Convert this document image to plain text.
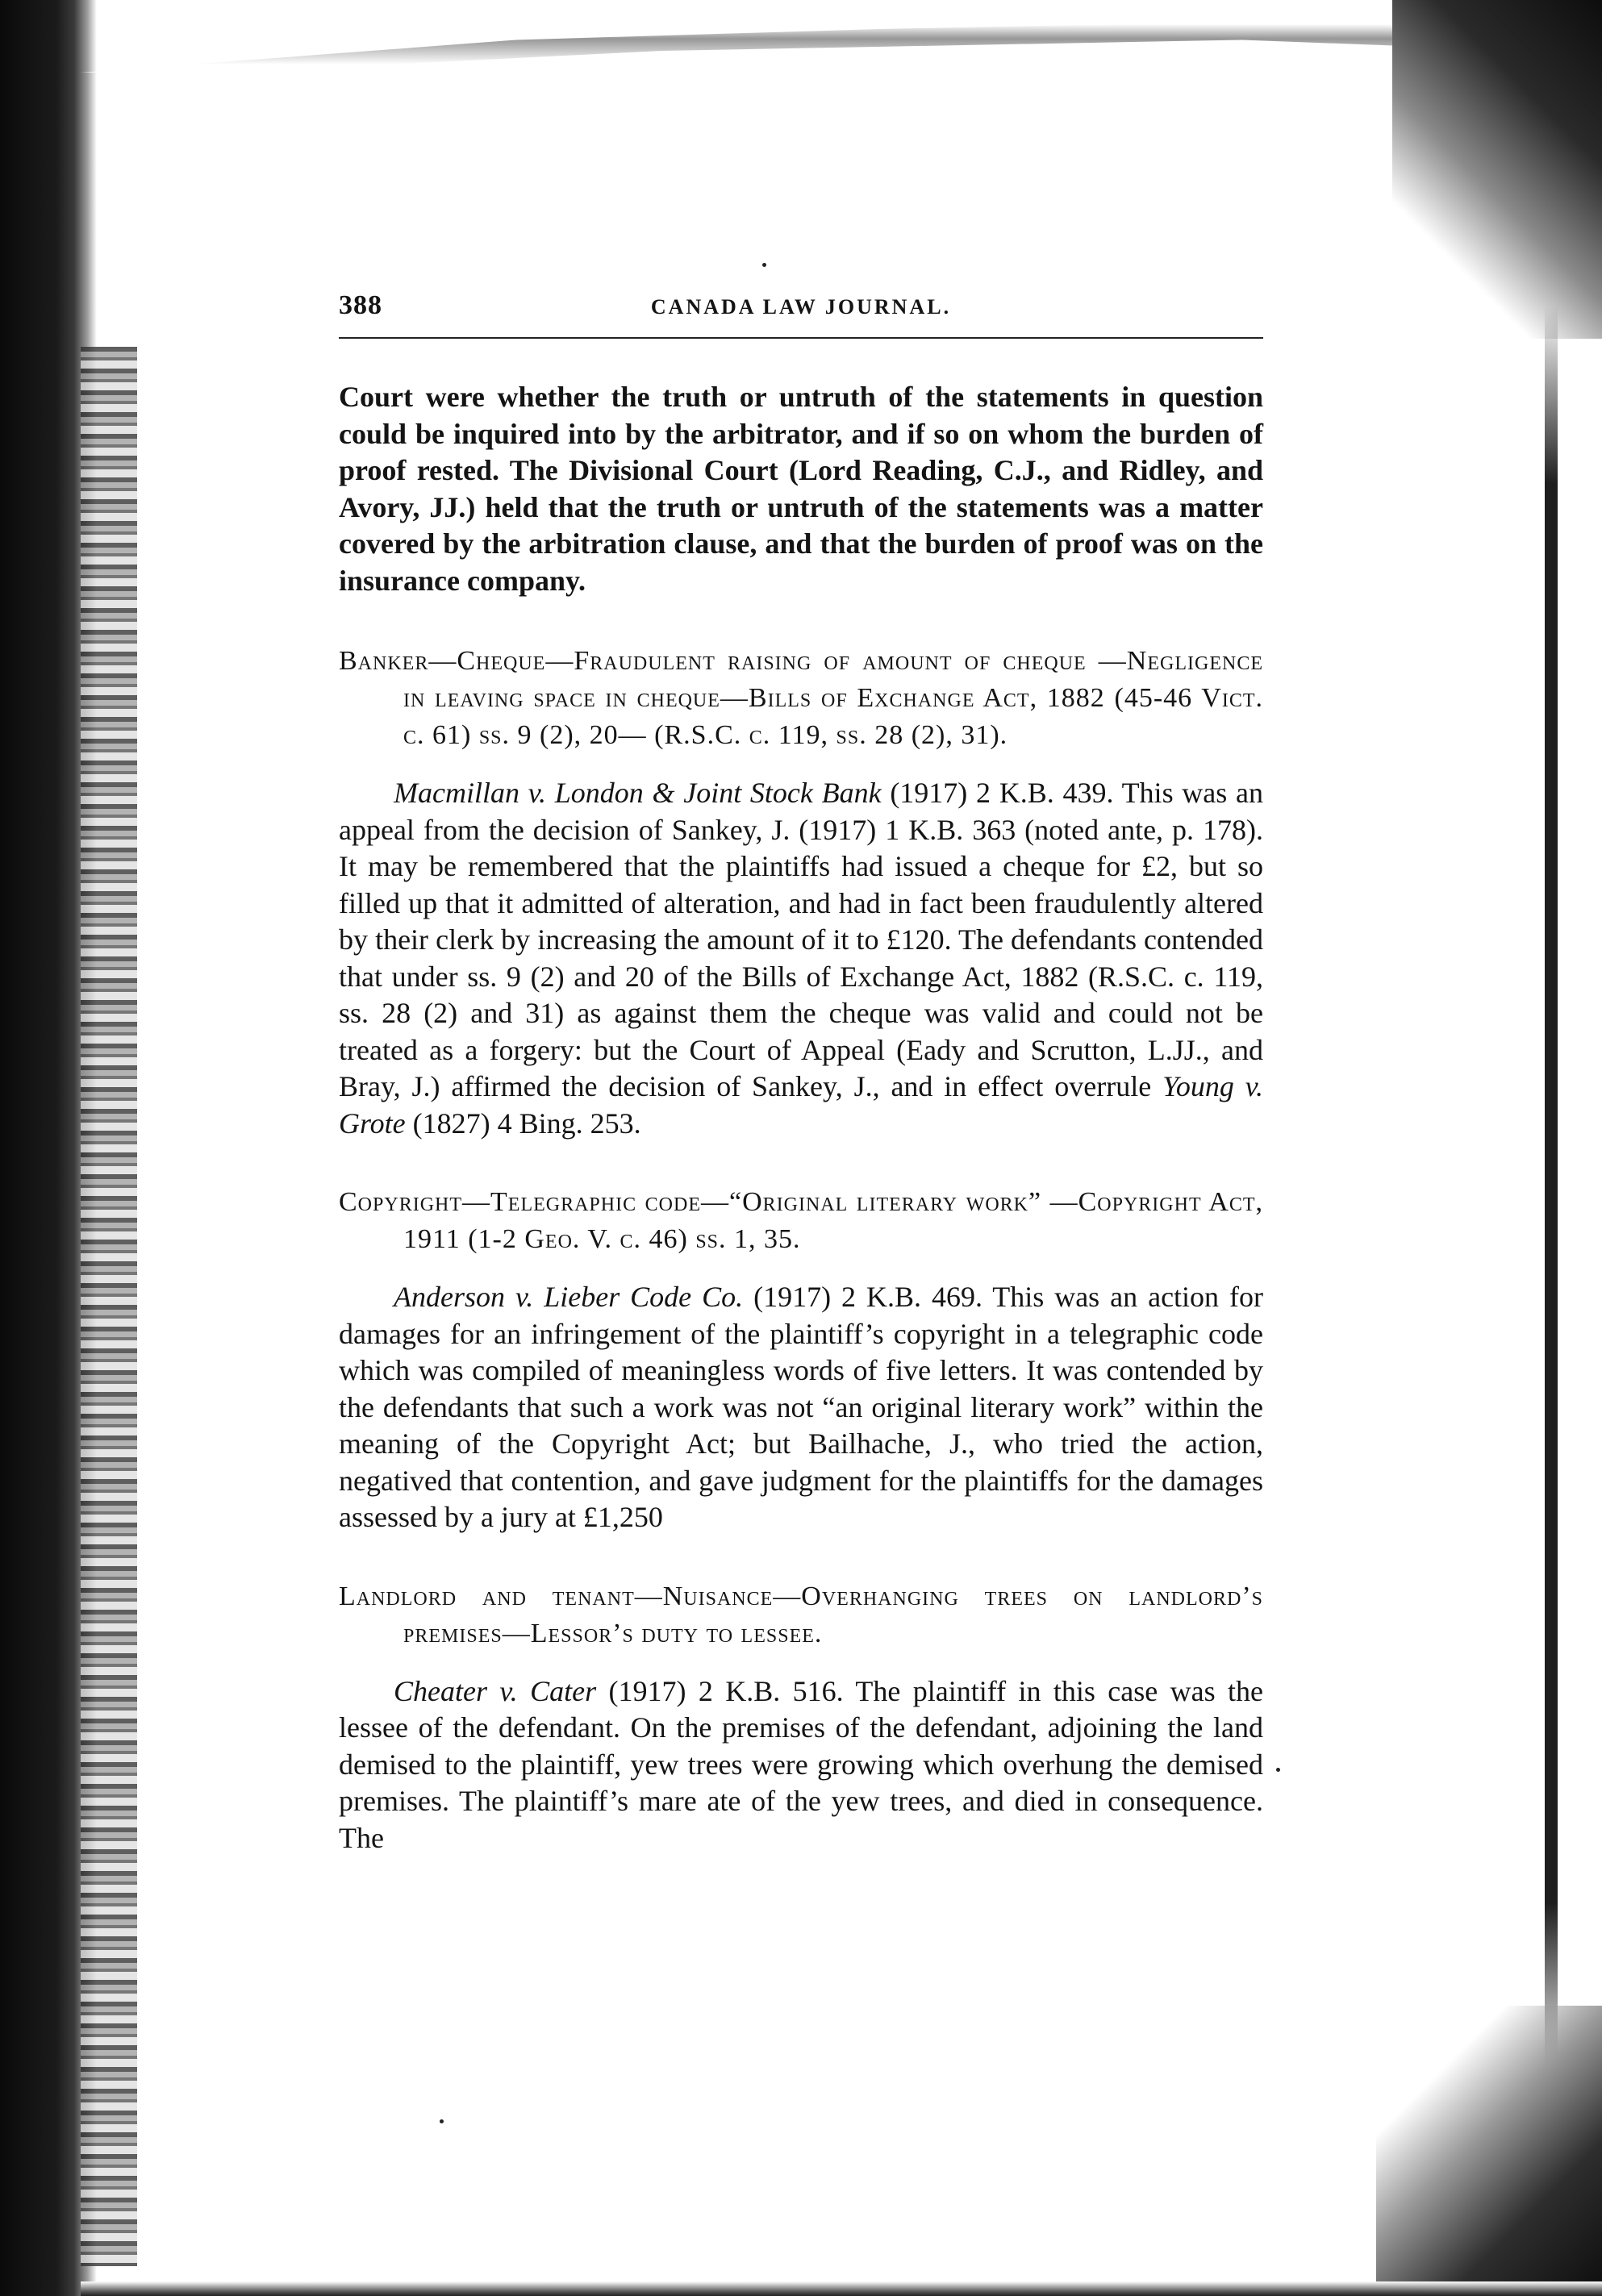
388	CANADA LAW JOURNAL.

Court were whether the truth or untruth of the statements in question could be inquired into by the arbitrator, and if so on whom the burden of proof rested. The Divisional Court (Lord Reading, C.J., and Ridley, and Avory, JJ.) held that the truth or untruth of the statements was a matter covered by the arbitration clause, and that the burden of proof was on the insurance company.

Banker—Cheque—Fraudulent raising of amount of cheque —Negligence in leaving space in cheque—Bills of Exchange Act, 1882 (45-46 Vict. c. 61) ss. 9 (2), 20— (R.S.C. c. 119, ss. 28 (2), 31).

Macmillan v. London & Joint Stock Bank (1917) 2 K.B. 439. This was an appeal from the decision of Sankey, J. (1917) 1 K.B. 363 (noted ante, p. 178). It may be remembered that the plaintiffs had issued a cheque for £2, but so filled up that it admitted of alteration, and had in fact been fraudulently altered by their clerk by increasing the amount of it to £120. The defendants contended that under ss. 9 (2) and 20 of the Bills of Exchange Act, 1882 (R.S.C. c. 119, ss. 28 (2) and 31) as against them the cheque was valid and could not be treated as a forgery: but the Court of Appeal (Eady and Scrutton, L.JJ., and Bray, J.) affirmed the decision of Sankey, J., and in effect overrule Young v. Grote (1827) 4 Bing. 253.

Copyright—Telegraphic code—“Original literary work” —Copyright Act, 1911 (1-2 Geo. V. c. 46) ss. 1, 35.

Anderson v. Lieber Code Co. (1917) 2 K.B. 469. This was an action for damages for an infringement of the plaintiff’s copyright in a telegraphic code which was compiled of meaningless words of five letters. It was contended by the defendants that such a work was not “an original literary work” within the meaning of the Copyright Act; but Bailhache, J., who tried the action, negatived that contention, and gave judgment for the plaintiffs for the damages assessed by a jury at £1,250

Landlord and tenant—Nuisance—Overhanging trees on landlord’s premises—Lessor’s duty to lessee.

Cheater v. Cater (1917) 2 K.B. 516. The plaintiff in this case was the lessee of the defendant. On the premises of the defendant, adjoining the land demised to the plaintiff, yew trees were growing which overhung the demised premises. The plaintiff’s mare ate of the yew trees, and died in consequence. The
